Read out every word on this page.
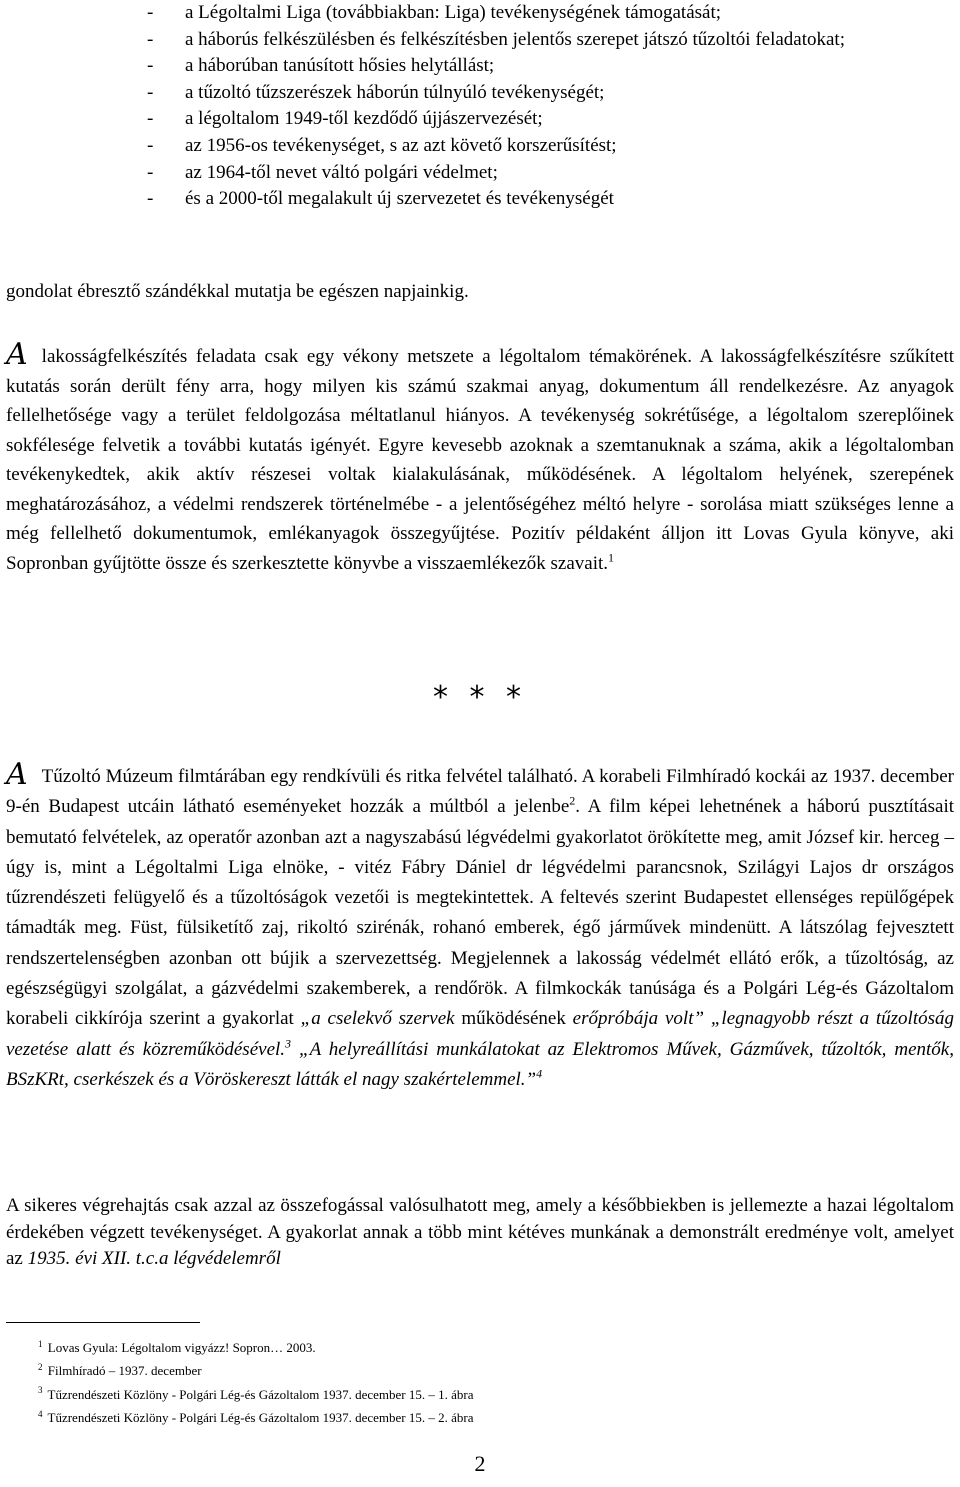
- a Légoltalmi Liga (továbbiakban: Liga) tevékenységének támogatását;
- a háborús felkészülésben és felkészítésben jelentős szerepet játszó tűzoltói feladatokat;
- a háborúban tanúsított hősies helytállást;
- a tűzoltó tűzszerészek háborún túlnyúló tevékenységét;
- a légoltalom 1949-től kezdődő újjászervezését;
- az 1956-os tevékenységet, s az azt követő korszerűsítést;
- az 1964-től nevet váltó polgári védelmet;
- és a 2000-től megalakult új szervezetet és tevékenységét
gondolat ébresztő szándékkal mutatja be egészen napjainkig.
Alakosságfelkészítés feladata csak egy vékony metszete a légoltalom témakörének. A lakosságfelkészítésre szűkített kutatás során derült fény arra, hogy milyen kis számú szakmai anyag, dokumentum áll rendelkezésre. Az anyagok fellelhetősége vagy a terület feldolgozása méltatlanul hiányos. A tevékenység sokrétűsége, a légoltalom szereplőinek sokfélesége felvetik a további kutatás igényét. Egyre kevesebb azoknak a szemtanuknak a száma, akik a légoltalomban tevékenykedtek, akik aktív részesei voltak kialakulásának, működésének. A légoltalom helyének, szerepének meghatározásához, a védelmi rendszerek történelmébe - a jelentőségéhez méltó helyre - sorolása miatt szükséges lenne a még fellelhető dokumentumok, emlékanyagok összegyűjtése. Pozitív példaként álljon itt Lovas Gyula könyve, aki Sopronban gyűjtötte össze és szerkesztette könyvbe a visszaemlékezők szavait.$^1$
* * *
A Tűzoltó Múzeum filmtárában egy rendkívüli és ritka felvétel található. A korabeli Filmhíradó kockái az 1937. december 9-én Budapest utcáin látható eseményeket hozzák a múltból a jelenbe$^2$. A film képei lehetnének a háború pusztításait bemutató felvételek, az operatőr azonban azt a nagyszabású légvédelmi gyakorlatot örökítette meg, amit József kir. herceg – úgy is, mint a Légoltalmi Liga elnöke, - vitéz Fábry Dániel dr légvédelmi parancsnok, Szilágyi Lajos dr országos tűzrendészeti felügyelő és a tűzoltóságok vezetői is megtekintettek. A feltevés szerint Budapestet ellenséges repülőgépek támadták meg. Füst, fülsiketítő zaj, rikoltó szirénák, rohanó emberek, égő járművek mindenütt. A látszólag fejvesztett rendszertelenségben azonban ott bújik a szervezettség. Megjelennek a lakosság védelmét ellátó erők, a tűzoltóság, az egészségügyi szolgálat, a gázvédelmi szakemberek, a rendőrök. A filmkockák tanúsága és a Polgári Lég-és Gázoltalom korabeli cikkírója szerint a gyakorlat „a cselekvő szervek működésének erőpróbája volt” „legnagyobb részt a tűzoltóság vezetése alatt és közreműködésével.$^3$ „A helyreállítási munkálatokat az Elektromos Művek, Gázművek, tűzoltók, mentők, BSzKRt, cserkészek és a Vöröskereszt látták el nagy szakértelemmel.”$^4$
A sikeres végrehajtás csak azzal az összefogással valósulhatott meg, amely a későbbiekben is jellemezte a hazai légoltalom érdekében végzett tevékenységet. A gyakorlat annak a több mint kétéves munkának a demonstrált eredménye volt, amelyet az 1935. évi XII. t.c.a légvédelemről
$^1$ Lovas Gyula: Légoltalom vigyázz! Sopron… 2003.
$^2$ Filmhíradó – 1937. december
$^3$ Tűzrendészeti Közlöny - Polgári Lég-és Gázoltalom 1937. december 15. – 1. ábra
$^4$ Tűzrendészeti Közlöny - Polgári Lég-és Gázoltalom 1937. december 15. – 2. ábra
2
